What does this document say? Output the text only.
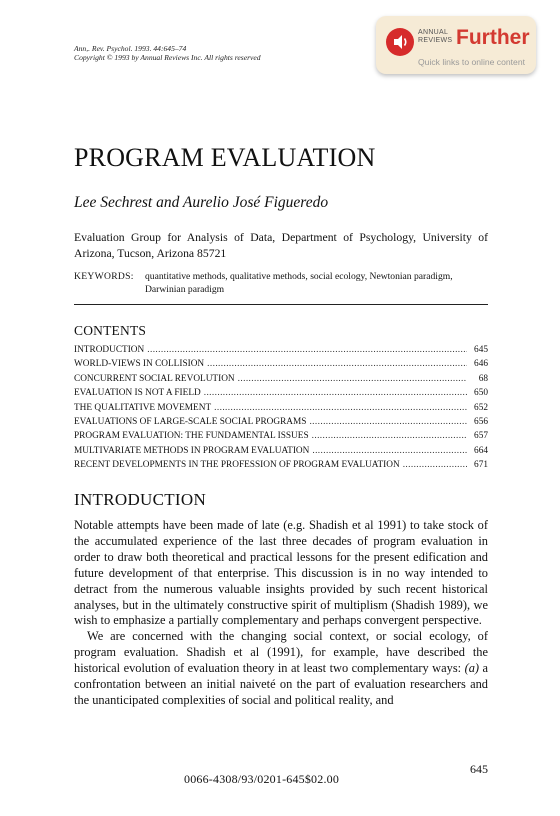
Ann,. Rev. Psychol. 1993. 44:645–74
Copyright © 1993 by Annual Reviews Inc. All rights reserved
ANNUAL
REVIEWS Further
Quick links to online content
PROGRAM EVALUATION
Lee Sechrest and Aurelio José Figueredo
Evaluation Group for Analysis of Data, Department of Psychology, University of Arizona, Tucson, Arizona 85721
KEYWORDS: quantitative methods, qualitative methods, social ecology, Newtonian paradigm, Darwinian paradigm
CONTENTS
INTRODUCTION .....	645
WORLD-VIEWS IN COLLISION .....	646
CONCURRENT SOCIAL REVOLUTION .....	68
EVALUATION IS NOT A FIELD .....	650
THE QUALITATIVE MOVEMENT .....	652
EVALUATIONS OF LARGE-SCALE SOCIAL PROGRAMS .....	656
PROGRAM EVALUATION: THE FUNDAMENTAL ISSUES .....	657
MULTIVARIATE METHODS IN PROGRAM EVALUATION .....	664
RECENT DEVELOPMENTS IN THE PROFESSION OF PROGRAM EVALUATION .....	671
INTRODUCTION

Notable attempts have been made of late (e.g. Shadish et al 1991) to take stock of the accumulated experience of the last three decades of program evaluation in order to draw both theoretical and practical lessons for the present edification and future development of that enterprise. This discussion is in no way intended to detract from the numerous valuable insights provided by such recent historical analyses, but in the ultimately constructive spirit of multiplism (Shadish 1989), we wish to emphasize a partially complementary and perhaps convergent perspective.

We are concerned with the changing social context, or social ecology, of program evaluation. Shadish et al (1991), for example, have described the historical evolution of evaluation theory in at least two complementary ways: (a) a confrontation between an initial naiveté on the part of evaluation researchers and the unanticipated complexities of social and political reality, and

645
0066-4308/93/0201-645$02.00
